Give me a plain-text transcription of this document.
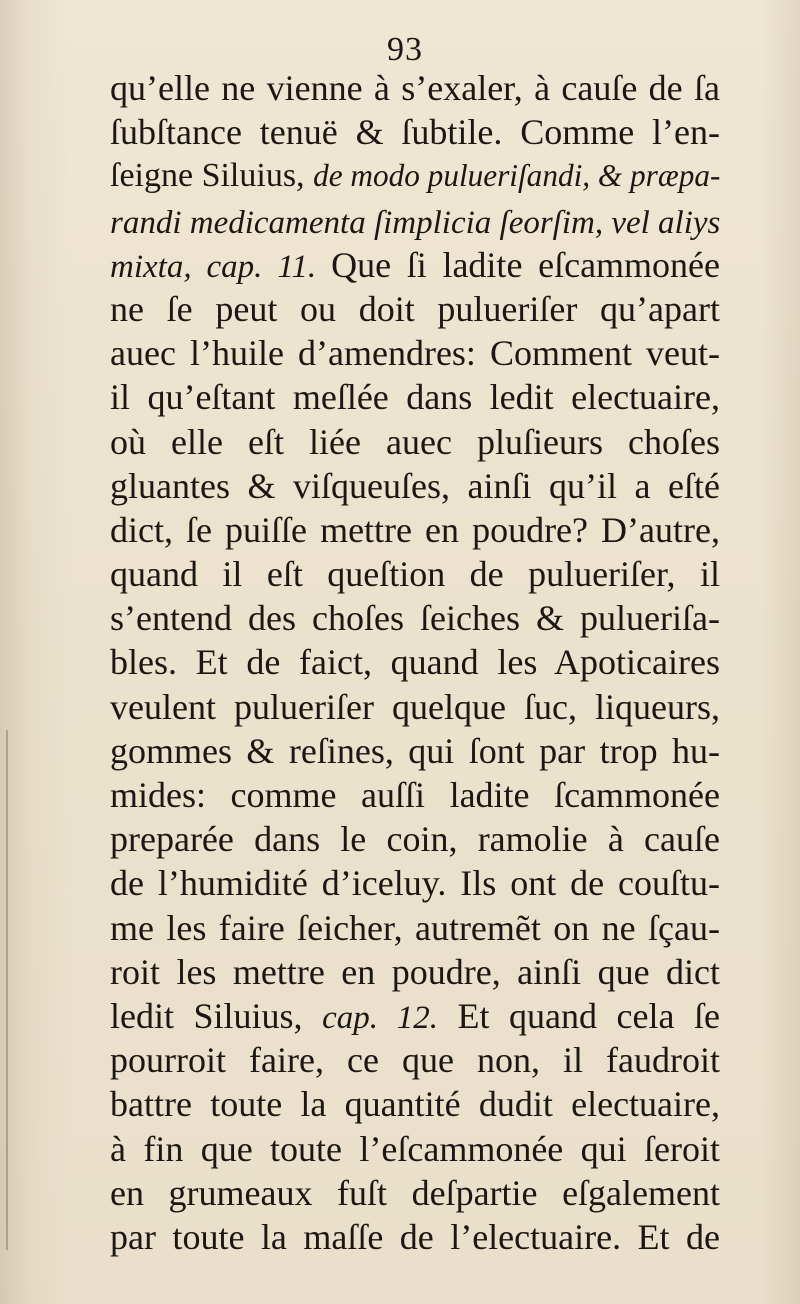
93
qu’elle ne vienne à s’exaler, à cauſe de ſa
ſubſtance tenuë & ſubtile. Comme l’en-
ſeigne Siluius, de modo pulueriſandi, & præpa-
randi medicamenta ſimplicia ſeorſim, vel aliys
mixta, cap. 11. Que ſi ladite eſcammonée
ne ſe peut ou doit pulueriſer qu’apart
auec l’huile d’amendres: Comment veut-
il qu’eſtant meſlée dans ledit electuaire,
où elle eſt liée auec pluſieurs choſes
gluantes & viſqueuſes, ainſi qu’il a eſté
dict, ſe puiſſe mettre en poudre? D’autre,
quand il eſt queſtion de pulueriſer, il
s’entend des choſes ſeiches & pulueriſa-
bles. Et de faict, quand les Apoticaires
veulent pulueriſer quelque ſuc, liqueurs,
gommes & reſines, qui ſont par trop hu-
mides: comme auſſi ladite ſcammonée
preparée dans le coin, ramolie à cauſe
de l’humidité d’iceluy. Ils ont de couſtu-
me les faire ſeicher, autremẽt on ne ſçau-
roit les mettre en poudre, ainſi que dict
ledit Siluius, cap. 12. Et quand cela ſe
pourroit faire, ce que non, il faudroit
battre toute la quantité dudit electuaire,
à fin que toute l’eſcammonée qui ſeroit
en grumeaux fuſt deſpartie eſgalement
par toute la maſſe de l’electuaire. Et de
